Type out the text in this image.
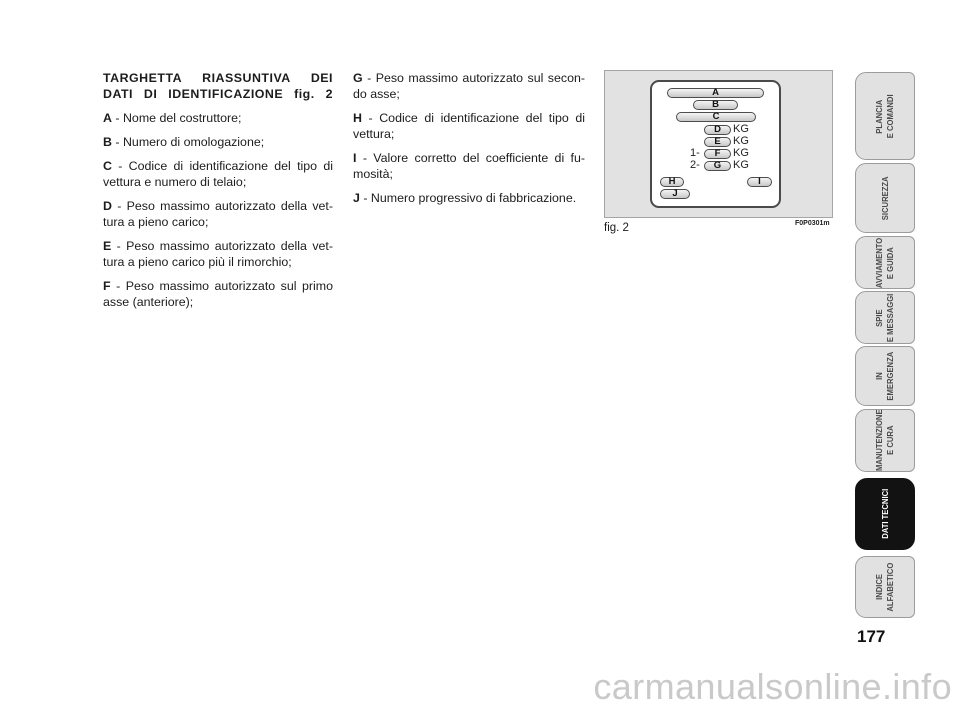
TARGHETTA RIASSUNTIVA DEI
DATI DI IDENTIFICAZIONE fig. 2
A - Nome del costruttore;
B - Numero di omologazione;
C - Codice di identificazione del tipo di
vettura e numero di telaio;
D - Peso massimo autorizzato della vet-
tura a pieno carico;
E - Peso massimo autorizzato della vet-
tura a pieno carico più il rimorchio;
F - Peso massimo autorizzato sul primo
asse (anteriore);
G - Peso massimo autorizzato sul secon-
do asse;
H - Codice di identificazione del tipo di
vettura;
I - Valore corretto del coefficiente di fu-
mosità;
J - Numero progressivo di fabbricazione.
A
B
C
D	KG
E	KG
1-	F	KG
2-	G	KG
H	I
J
fig. 2	F0P0301m
PLANCIA E COMANDI
SICUREZZA
AVVIAMENTO E GUIDA
SPIE E MESSAGGI
IN EMERGENZA
MANUTENZIONE E CURA
DATI TECNICI
INDICE ALFABETICO
177
carmanualsonline.info
